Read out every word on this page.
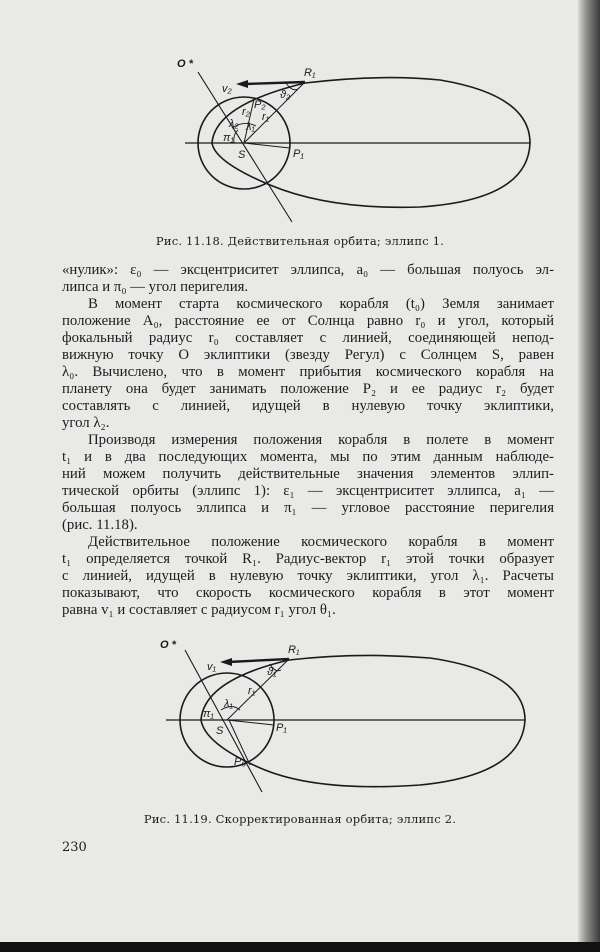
O *
R₁
v₂	ϑ₂
P₂
r₂ r₁
λ₂ λ₁
π₁
S	P₁
Рис. 11.18. Действительная орбита; эллипс 1.
«нулик»: ε₀ — эксцентриситет эллипса, a₀ — большая полуось эл-
липса и π₀ — угол перигелия.
В момент старта космического корабля (t₀) Земля занимает
положение A₀, расстояние ее от Солнца равно r₀ и угол, который
фокальный радиус r₀ составляет с линией, соединяющей непод-
вижную точку O эклиптики (звезду Регул) с Солнцем S, равен
λ₀. Вычислено, что в момент прибытия космического корабля на
планету она будет занимать положение P₂ и ее радиус r₂ будет
составлять с линией, идущей в нулевую точку эклиптики,
угол λ₂.
Производя измерения положения корабля в полете в момент
t₁ и в два последующих момента, мы по этим данным наблюде-
ний можем получить действительные значения элементов эллип-
тической орбиты (эллипс 1): ε₁ — эксцентриситет эллипса, a₁ —
большая полуось эллипса и π₁ — угловое расстояние перигелия
(рис. 11.18).
Действительное положение космического корабля в момент
t₁ определяется точкой R₁. Радиус-вектор r₁ этой точки образует
с линией, идущей в нулевую точку эклиптики, угол λ₁. Расчеты
показывают, что скорость космического корабля в этот момент
равна v₁ и составляет с радиусом r₁ угол θ₁.
O *	R₁
v₁	ϑ₁
r₁
λ₁
π₁
S	P₁
P₀
Рис. 11.19. Скорректированная орбита; эллипс 2.
230
